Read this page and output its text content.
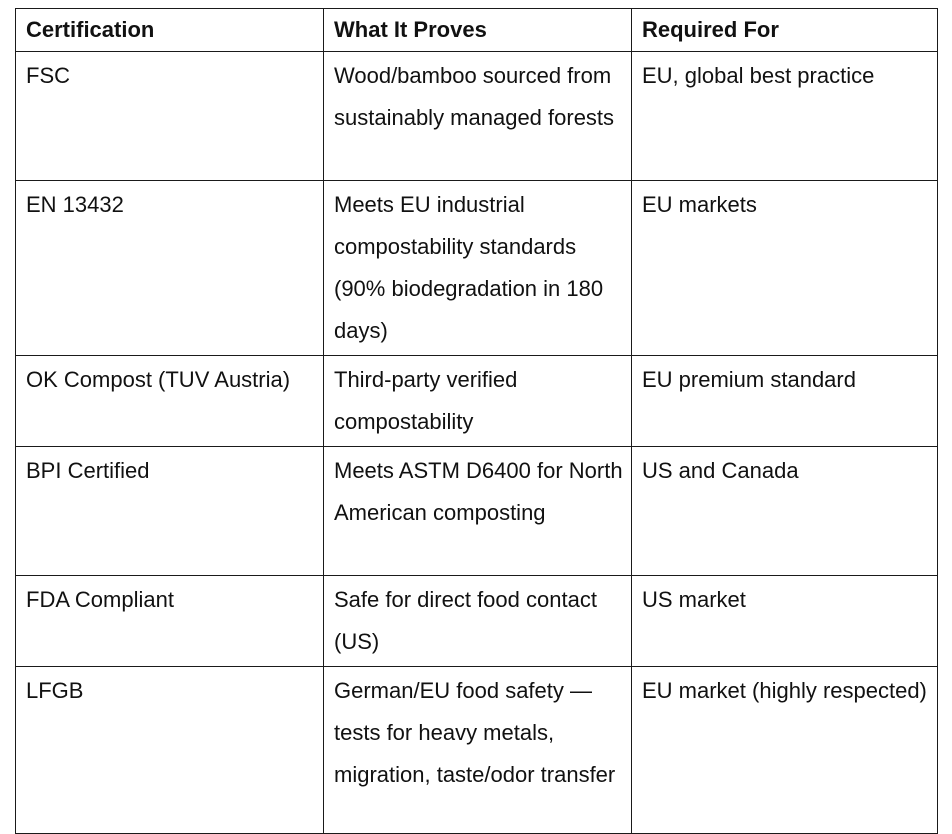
Certification	What It Proves	Required For
FSC	Wood/bamboo sourced from sustainably managed forests	EU, global best practice
EN 13432	Meets EU industrial compostability standards (90% biodegradation in 180 days)	EU markets
OK Compost (TUV Austria)	Third-party verified compostability	EU premium standard
BPI Certified	Meets ASTM D6400 for North American composting	US and Canada
FDA Compliant	Safe for direct food contact (US)	US market
LFGB	German/EU food safety — tests for heavy metals, migration, taste/odor transfer	EU market (highly respected)
